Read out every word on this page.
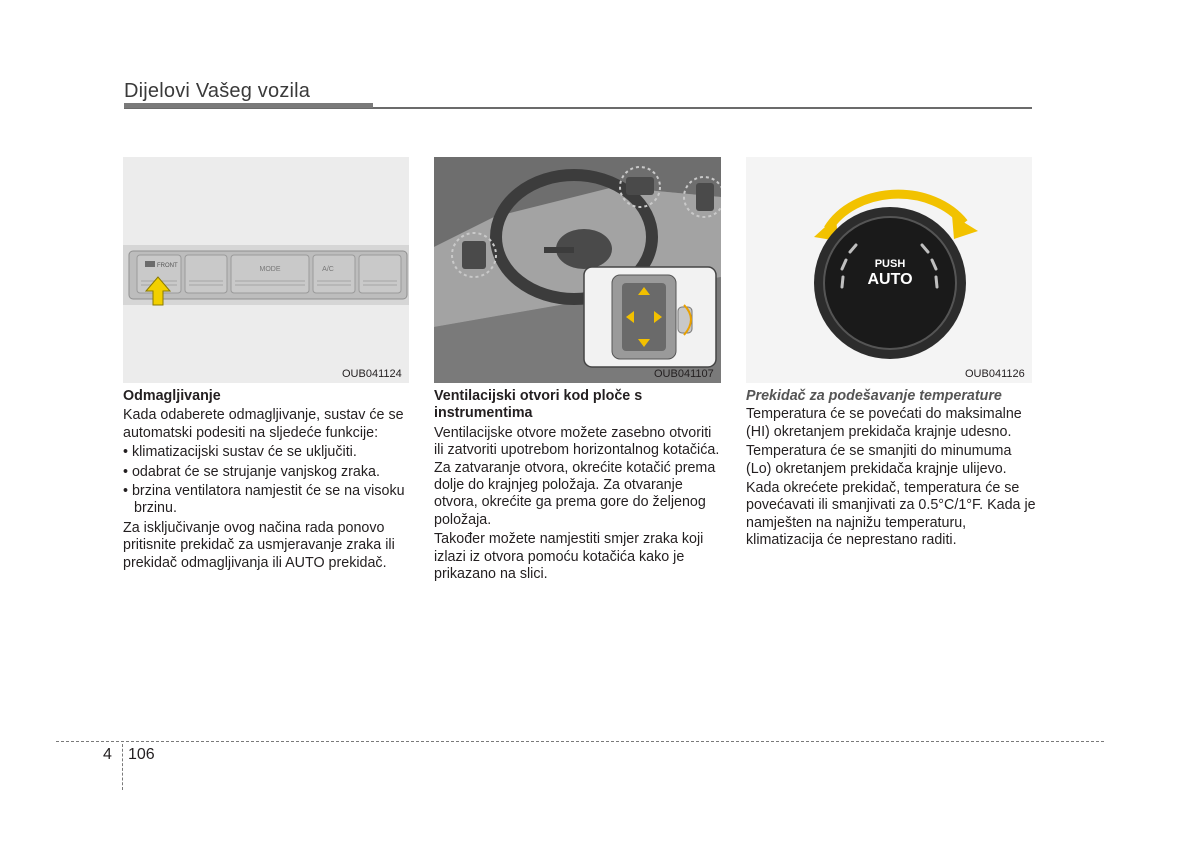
Dijelovi Vašeg vozila
FRONT	MODE	A/C
OUB041124	OUB041107
PUSH
AUTO
OUB041126

Odmagljivanje

Kada odaberete odmagljivanje, sustav će se automatski podesiti na sljedeće funkcije:

• klimatizacijski sustav će se uključiti.

• odabrat će se strujanje vanjskog zraka.

• brzina ventilatora namjestit će se na visoku brzinu.

Za isključivanje ovog načina rada ponovo pritisnite prekidač za usmjeravanje zraka ili prekidač odmagljivanja ili AUTO prekidač.

Ventilacijski otvori kod ploče s instrumentima

Ventilacijske otvore možete zasebno otvoriti ili zatvoriti upotrebom horizontalnog kotačića. Za zatvaranje otvora, okrećite kotačić prema dolje do krajnjeg položaja. Za otvaranje otvora, okrećite ga prema gore do željenog položaja.

Također možete namjestiti smjer zraka koji izlazi iz otvora pomoću kotačića kako je prikazano na slici.

Prekidač za podešavanje temperature

Temperatura će se povećati do maksimalne (HI) okretanjem prekidača krajnje udesno.

Temperatura će se smanjiti do minumuma (Lo) okretanjem prekidača krajnje ulijevo.

Kada okrećete prekidač, temperatura će se povećavati ili smanjivati za 0.5°C/1°F. Kada je namješten na najnižu temperaturu, klimatizacija će neprestano raditi.

4 106
